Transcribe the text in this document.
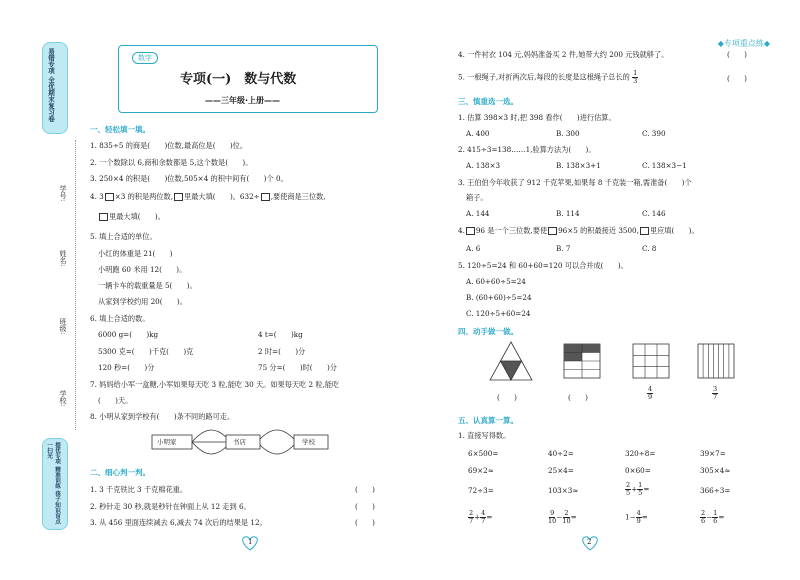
◆专项重点练◆
易错专项 全优期末复习卷
提优专项 精准训练 孩子知识盲点一扫光
学号:
姓名:
班级:
学校:
数学
专项(一)　数与代数
——三年级·上册——
一、轻松填一填。
1. 835÷5 的商是(　　)位数,最高位是(　　)位。
2. 一个数除以 6,商和余数都是 5,这个数是(　　)。
3. 250×4 的积是(　　)位数,505×4 的积中间有(　　)个 0。
4. 3 ×3 的积是两位数, 里最大填(　　)。632÷ ,要使商是三位数,
里最大填(　　)。
5. 填上合适的单位。
小红的体重是 21(　　)
小明跑 60 米用 12(　　)。
一辆卡车的载重量是 5(　　)。
从家到学校约用 20(　　)。
6. 填上合适的数。
6000 g=(　　)kg	4 t=(　　)kg
5300 克=(　　)千克(　　)克	2 时=(　　)分
120 秒=(　　)分	75 分=(　　)时(　　)分
7. 妈妈给小军一盒糖,小军如果每天吃 3 粒,能吃 30 天。如果每天吃 2 粒,能吃
(　　)天。
8. 小明从家到学校有(　　)条不同的路可走。
小明家	书店	学校
二、细心判一判。
1. 3 千克铁比 3 千克棉花重。	(　　)
2. 秒针走 30 秒,就是秒针在钟面上从 12 走到 6。	(　　)
3. 从 456 里面连续减去 6,减去 74 次后的结果是 12。	(　　)
1
4. 一件衬衣 104 元,妈妈准备买 2 件,她带大约 200 元钱就够了。	(　　)
5. 一根绳子,对折两次后,每段的长度是这根绳子总长的 $\frac{1}{3}$	(　　)
三、慎重选一选。
1. 估算 398×3 时,把 398 看作(　　)进行估算。
A. 400	B. 300	C. 390
2. 415÷3=138……1,验算方法为(　　)。
A. 138×3	B. 138×3+1	C. 138×3−1
3. 王伯伯今年收获了 912 千克苹果,如果每 8 千克装一箱,需准备(　　)个
箱子。
A. 144	B. 114	C. 146
4. 96 是一个三位数,要使 96×5 的积最接近 3500, 里应填(　　)。
A. 6	B. 7	C. 8
5. 120÷5=24 和 60+60=120 可以合并成(　　)。
A. 60+60÷5=24
B. (60+60)÷5=24
C. 120÷5+60=24
四、动手做一做。
(　　)	(　　)	$\frac{4}{9}$	$\frac{3}{7}$
五、认真算一算。
1. 直接写得数。
6×500=	40÷2=	320÷8=	39×7=
69×2≈	25×4=	0×60=	305×4≈
72÷3=	103×3≈	$\frac{2}{5} + \frac{1}{5}$ =	366÷3=
$\frac{2}{7} + \frac{4}{7}$ =	$\frac{9}{10} - \frac{2}{10}$ =	$1- \frac{4}{9}$ =	$\frac{2}{6} - \frac{1}{6}$ =
2
